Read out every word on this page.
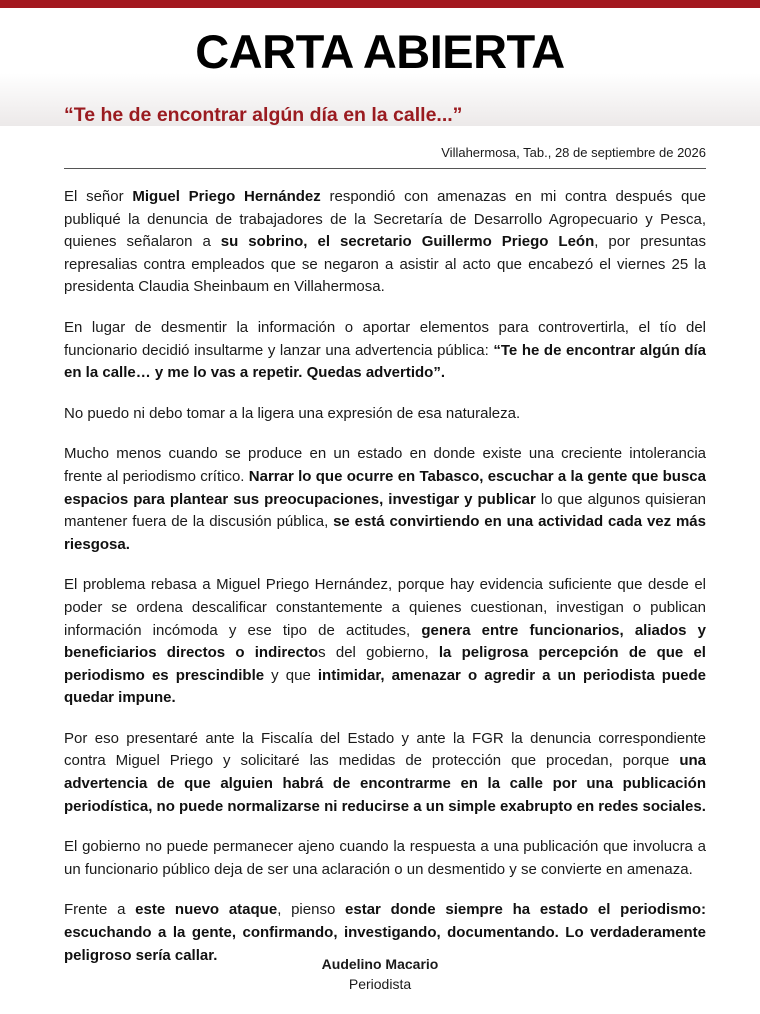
CARTA ABIERTA
“Te he de encontrar algún día en la calle...”
Villahermosa, Tab., 28 de septiembre de 2026

El señor Miguel Priego Hernández respondió con amenazas en mi contra después que publiqué la denuncia de trabajadores de la Secretaría de Desarrollo Agropecuario y Pesca, quienes señalaron a su sobrino, el secretario Guillermo Priego León, por presuntas represalias contra empleados que se negaron a asistir al acto que encabezó el viernes 25 la presidenta Claudia Sheinbaum en Villahermosa.

En lugar de desmentir la información o aportar elementos para controvertirla, el tío del funcionario decidió insultarme y lanzar una advertencia pública: “Te he de encontrar algún día en la calle… y me lo vas a repetir. Quedas advertido”.

No puedo ni debo tomar a la ligera una expresión de esa naturaleza.

Mucho menos cuando se produce en un estado en donde existe una creciente intolerancia frente al periodismo crítico. Narrar lo que ocurre en Tabasco, escuchar a la gente que busca espacios para plantear sus preocupaciones, investigar y publicar lo que algunos quisieran mantener fuera de la discusión pública, se está convirtiendo en una actividad cada vez más riesgosa.

El problema rebasa a Miguel Priego Hernández, porque hay evidencia suficiente que desde el poder se ordena descalificar constantemente a quienes cuestionan, investigan o publican información incómoda y ese tipo de actitudes, genera entre funcionarios, aliados y beneficiarios directos o indirectos del gobierno, la peligrosa percepción de que el periodismo es prescindible y que intimidar, amenazar o agredir a un periodista puede quedar impune.

Por eso presentaré ante la Fiscalía del Estado y ante la FGR la denuncia correspondiente contra Miguel Priego y solicitaré las medidas de protección que procedan, porque una advertencia de que alguien habrá de encontrarme en la calle por una publicación periodística, no puede normalizarse ni reducirse a un simple exabrupto en redes sociales.

El gobierno no puede permanecer ajeno cuando la respuesta a una publicación que involucra a un funcionario público deja de ser una aclaración o un desmentido y se convierte en amenaza.

Frente a este nuevo ataque, pienso estar donde siempre ha estado el periodismo: escuchando a la gente, confirmando, investigando, documentando. Lo verdaderamente peligroso sería callar.

Audelino Macario
Periodista
